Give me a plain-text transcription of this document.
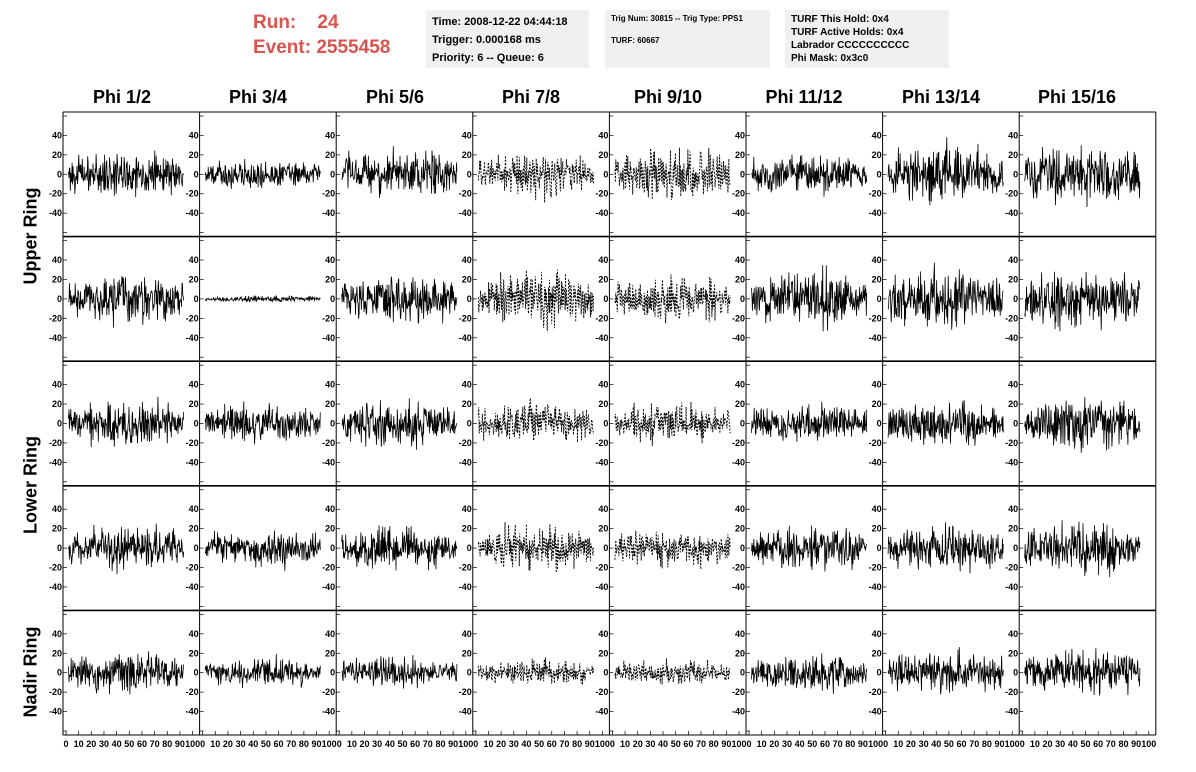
Run: 24
Event: 2555458
Time: 2008-12-22 04:44:18
Trigger: 0.000168 ms
Priority: 6 -- Queue: 6
Trig Num: 30815 -- Trig Type: PPS1
TURF: 60667
TURF This Hold: 0x4
TURF Active Holds: 0x4
Labrador CCCCCCCCCC
Phi Mask: 0x3c0
Phi 1/2	Phi 3/4	Phi 5/6	Phi 7/8	Phi 9/10	Phi 11/12	Phi 13/14	Phi 15/16
Upper Ring
Lower Ring
Nadir Ring
40
20
0
-20
-40
40
20
0
-20
-40
40
20
0
-20
-40
40
20
0
-20
-40
40
20
0
-20
-40
40
20
0
-20
-40
40
20
0
-20
-40
40
20
0
-20
-40
40
20
0
-20
-40
40
20
0
-20
-40
40
20
0
-20
-40
40
20
0
-20
-40
40
20
0
-20
-40
40
20
0
-20
-40
40
20
0
-20
-40
40
20
0
-20
-40
40
20
0
-20
-40
40
20
0
-20
-40
40
20
0
-20
-40
40
20
0
-20
-40
40
20
0
-20
-40
40
20
0
-20
-40
40
20
0
-20
-40
40
20
0
-20
-40
40
20
0
-20
-40
40
20
0
-20
-40
40
20
0
-20
-40
40
20
0
-20
-40
40
20
0
-20
-40
40
20
0
-20
-40
40
20
0
-20
-40
40
20
0
-20
-40
40
20
0
-20
-40
40
20
0
-20
-40
40
20
0
-20
-40
40
20
0
-20
-40
40
20
0
-20
-40
40
20
0
-20
-40
40
20
0
-20
-40
40
20
0
-20
-40
0 10 20 30 40 50 60 70 80 90 100 0 10 20 30 40 50 60 70 80 90 100 0 10 20 30 40 50 60 70 80 90 100 0 10 20 30 40 50 60 70 80 90 100 0 10 20 30 40 50 60 70 80 90 100 0 10 20 30 40 50 60 70 80 90 100 0 10 20 30 40 50 60 70 80 90 100 0 10 20 30 40 50 60 70 80 90 100
